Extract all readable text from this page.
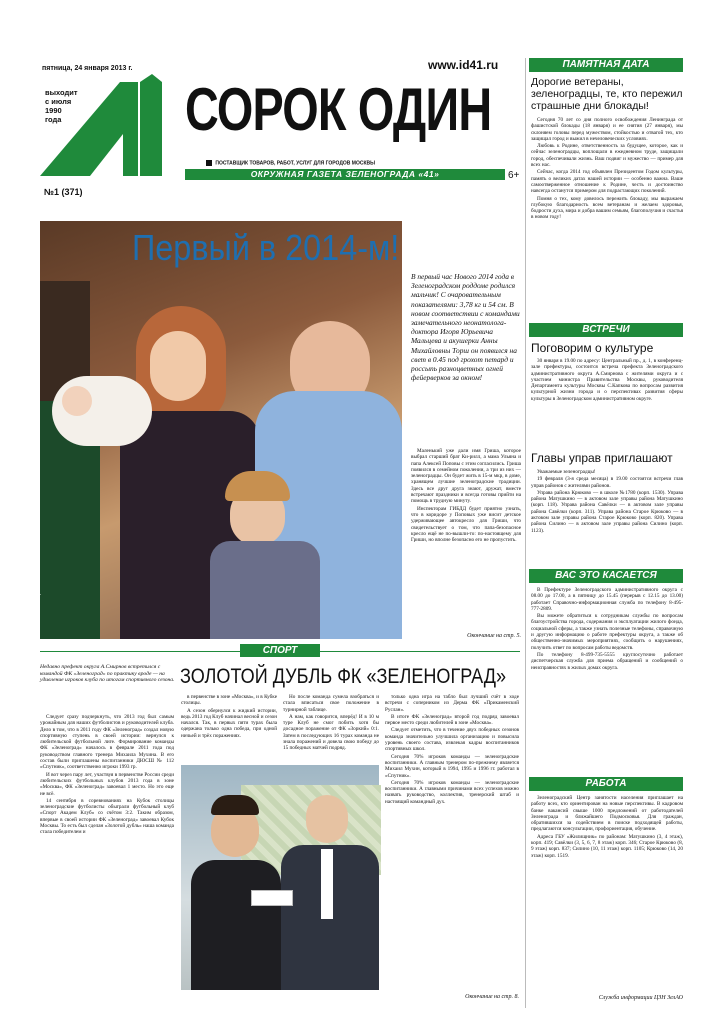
пятница, 24 января 2013 г.
выходит
с июля
1990
года СОРОК ОДИН
www.id41.ru
ПОСТАВЩИК ТОВАРОВ, РАБОТ, УСЛУГ ДЛЯ ГОРОДОВ МОСКВЫ
ОКРУЖНАЯ ГАЗЕТА ЗЕЛЕНОГРАДА «41»
№1 (371)
6+
Фото С.Сорокина
Первый в 2014-м!
В первый час Нового 2014 года в Зеленоградском роддоме родился мальчик! С очаровательным показателями: 3,78 кг и 54 см. В новом соответствии с командами замечательного неонатолога-доктора Игоря Юрьевича Мальцева и акушерки Анны Михайловны Торш он появился на свет в 0.45 под грохот петард и россыпь разноцветных огней фейерверков за окном!

Маленький уже дали имя Гриша, которое выбрал старший брат Ки-рилл, а мама Ульяна и папа Алексей Поповы с этим согласились. Гриша появился в семейном поколении, а три из них — зеленоградцы. Он будет жить в 15-м мкр, в доме, хранящем лучшие зеленоградские традиции. Здесь все друг друга знают, дружат, вместе встречают праздники и всегда готовы прийти на помощь в трудную минуту.

Инспекторам ГИБДД будет приятно узнать, что в коридоре у Поповых уже висит детское удерживающее автокресло для Гриши, что свидетельствует о том, что папа-безопасное кресло ещё не по-вышли-то: по-настоящему для Гриши, но вполне безопасно его не пропустить.

Окончание на стр. 5.
СПОРТ
ЗОЛОТОЙ ДУБЛЬ ФК «ЗЕЛЕНОГРАД»
Недавно префект округа А.Смирнов встретился с командой ФК «Зеленоград» по практику вроде — на удивление игроков клуба по итогам спортивного сезона.

Следует сразу подчеркнуть, что 2013 год был самым урожайным для наших футболистов и руководителей клуба. Дело в том, что в 2011 году ФК «Зеленоград» создал новую спортивную ступень в своей истории: вернулся к любительской футбольной лиге. Формирование команды ФК «Зеленоград» началось в феврале 2011 года под руководством главного тренера Михаила Мухина. В его состав были приглашены воспитанники ДЮСШ № 112 «Спутник», соответственно игроки 1993 гр.

И вот через пару лет, участвуя в первенстве России среди любительских футбольных клубов 2013 года в зоне «Москва», ФК «Зеленоград» завоевал 1 место. Но это еще не всё.

14 сентября в соревнованиях на Кубок столицы зеленоградские футболисты обыграли футбольный клуб «Спорт Академ Клуб» со счётом 3:2. Таким образом, впервые в своей истории ФК «Зеленоград» завоевал Кубок Москвы. То есть был сделан «Золотой дубль» наша команда стала победителем и

в первенстве в зоне «Москва», и в Кубке столицы.

А сезон обернулся к жидкий истории, ведь 2013 год Клуб начинал весной и сезон начался. Так, в первых пяти турах была одержана только одна победа, при одной ничьей и трёх поражениях.

Но после команда сумела взобраться и стала вписаться свое положение в турнирной таблице.

А нам, как говорится, вперёд! И в 10 м туре Клуб не смог побить хотя бы досадное поражение от ФК «Зоркий» 0:1. Затем в последующих 16 турах команда не знала поражений и довела свою победу до 15 победных матчей подряд.

только одна игра на табло был лучший счёт в ходе встречи с соперником из Дерма ФК «Прикаменский Руслан».

В итоге ФК «Зеленоград» второй год подряд завоевал первое место среди любителей в зоне «Москва».

Следует отметить, что в течение двух победных сезонов команда значительно улучшила организацию и повысила уровень своего состава, извлекая кадры воспитанников спортивных школ.

Сегодня 70% игроков команды — зеленоградские воспитанники. А главным тренером по-прежнему является Михаил Мухин, который в 1994, 1995 и 1996 гг. работал в «Спутник».

Сегодня 70% игроков команды — зеленоградские воспитанники. А главными причинами всех успехов можно назвать руководство, коллектив, тренерский штаб и настоящий командный дух.

Окончание на стр. 8.
ПАМЯТНАЯ ДАТА
Дорогие ветераны, зеленоградцы, те, кто пережил страшные дни блокады!

Сегодня 70 лет со дня полного освобождения Ленинграда от фашистской блокады (18 января) и ее снятия (27 января), мы склоняем головы перед мужеством, стойкостью и отвагой тех, кто защищал город и выжил в нечеловеческих условиях.

Любовь к Родине, ответственность за будущее, которое, как и сейчас зеленоградцы, воплощали в ежедневном труде, защищали город, обеспечивали жизнь. Ваш подвиг и мужество — пример для всех нас.

Сейчас, когда 2014 год объявлен Президентом Годом культуры, память о великих датах нашей истории — особенно важна. Ваше самоотверженное отношение к Родине, честь и достоинство навсегда останутся примером для подрастающих поколений.

Помня о тех, кому довелось пережить блокаду, мы выражаем глубокую благодарность всем ветеранам и желаем здоровья, бодрости духа, мира и добра вашим семьям, благополучия и счастья в новом году!

ВСТРЕЧИ
Поговорим о культуре

30 января в 19.00 по адресу: Центральный пр., д. 1, в конференц-зале префектуры, состоится встреча префекта Зеленоградского административного округа А.Смирнова с жителями округа и с участием министра Правительства Москвы, руководителя Департамента культуры Москвы С.Капкова по вопросам развития культурной жизни города и о перспективах развития сферы культуры в Зеленоградском административном округе.

Главы управ приглашают

Уважаемые зеленоградцы!

19 февраля (3-я среда месяца) в 19.00 состоятся встречи глав управ районов с жителями районов.

Управа района Крюково — в школе №1780 (корп. 1530). Управа района Матушкино — в актовом зале управы района Матушкино (корп. 118). Управа района Савёлки — в актовом зале управы района Савёлки (корп. 311). Управа района Старое Крюково — в актовом зале управы района Старое Крюково (корп. 820). Управа района Силино — в актовом зале управы района Силино (корп. 1123).

ВАС ЭТО КАСАЕТСЯ

В Префектуре Зеленоградского административного округа с 08.00 до 17.00, а в пятницу до 15.45 (перерыв с 12.15 до 13.00) работает Справочно-информационная служба по телефону 8-495-777-2809.

Вы можете обратиться к сотрудникам службы по вопросам благоустройства города, содержания и эксплуатации жилого фонда, социальной сферы, а также узнать полезные телефоны, справочную и другую информацию о работе префектуры округа, а также об общественно-значимых мероприятиях, сообщить о нарушениях, получить ответ по вопросам работы ведомств.

По телефону 8-499-735-5555 круглосуточно работает диспетчерская служба для приема обращений и сообщений о неисправностях в жилых домах округа.

РАБОТА

Зеленоградский Центр занятости населения приглашает на работу всех, кто ориентирован на новые перспективы. В кадровом банке вакансий свыше 1000 предложений от работодателей Зеленограда и ближайшего Подмосковья. Для граждан, обратившихся за содействием в поиске подходящей работы, предлагаются консультации, профориентация, обучение.

Адреса ГБУ «Жилищник» по районам: Матушкино (3, 4 этаж), корп. 419; Савёлки (3, 5, 6, 7, 8 этаж) корп. 346; Старое Крюково (8, 9 этаж) корп. 837; Силино (10, 11 этаж) корп. 1105; Крюково (14, 20 этаж) корп. 1519.

Служба информации ЦЗН ЗелАО
